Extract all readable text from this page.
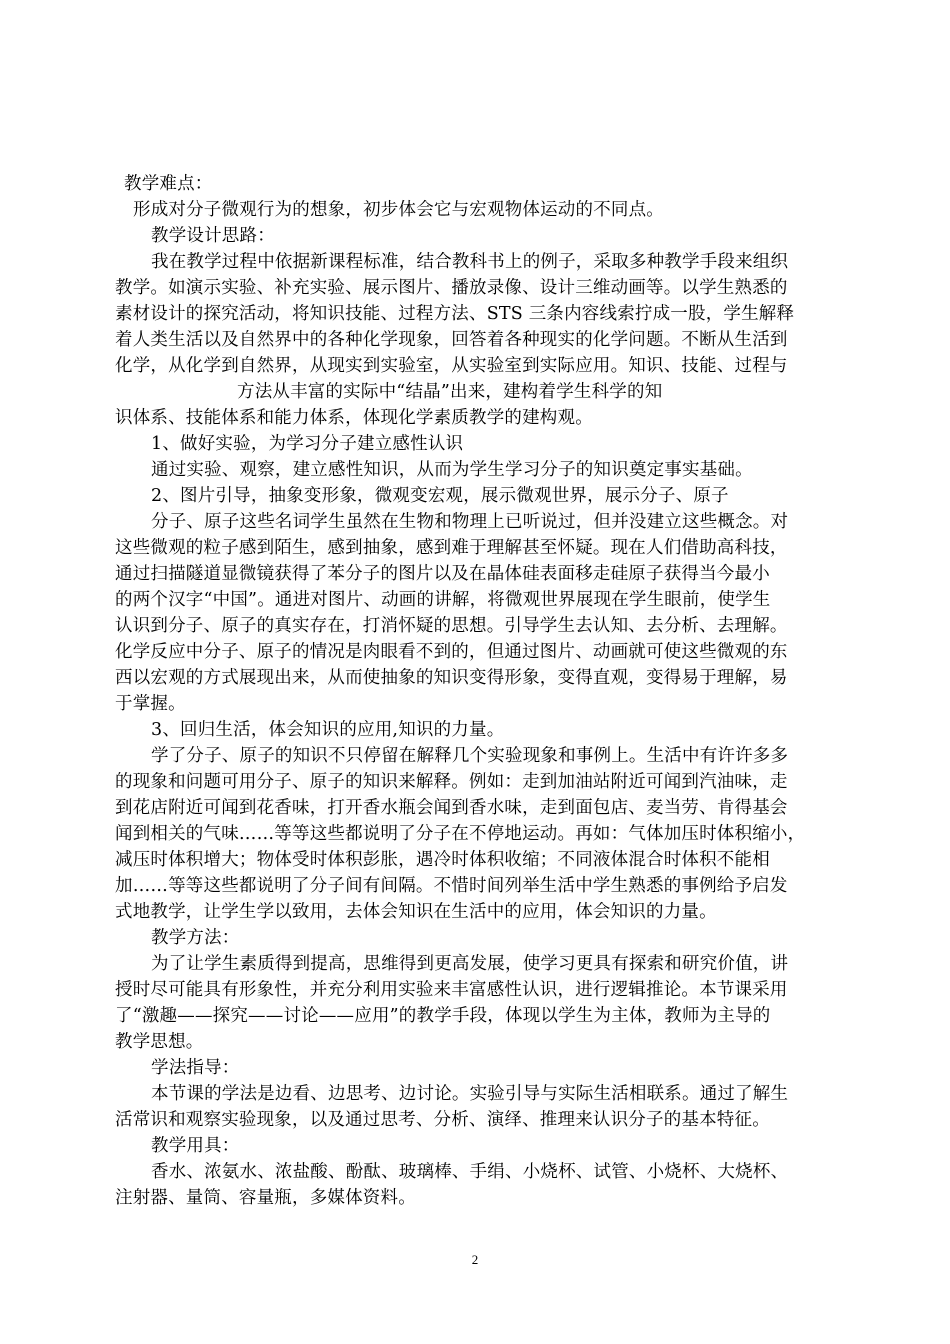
教学难点：
形成对分子微观行为的想象，初步体会它与宏观物体运动的不同点。
教学设计思路：
我在教学过程中依据新课程标准，结合教科书上的例子，采取多种教学手段来组织
教学。如演示实验、补充实验、展示图片、播放录像、设计三维动画等。以学生熟悉的
素材设计的探究活动，将知识技能、过程方法、STS 三条内容线索拧成一股，学生解释
着人类生活以及自然界中的各种化学现象，回答着各种现实的化学问题。不断从生活到
化学，从化学到自然界，从现实到实验室，从实验室到实际应用。知识、技能、过程与
方法从丰富的实际中“结晶”出来，建构着学生科学的知
识体系、技能体系和能力体系，体现化学素质教学的建构观。
1、做好实验，为学习分子建立感性认识
通过实验、观察，建立感性知识，从而为学生学习分子的知识奠定事实基础。
2、图片引导，抽象变形象，微观变宏观，展示微观世界，展示分子、原子
分子、原子这些名词学生虽然在生物和物理上已听说过，但并没建立这些概念。对
这些微观的粒子感到陌生，感到抽象，感到难于理解甚至怀疑。现在人们借助高科技，
通过扫描隧道显微镜获得了苯分子的图片以及在晶体硅表面移走硅原子获得当今最小
的两个汉字“中国”。通进对图片、动画的讲解，将微观世界展现在学生眼前，使学生
认识到分子、原子的真实存在，打消怀疑的思想。引导学生去认知、去分析、去理解。
化学反应中分子、原子的情况是肉眼看不到的，但通过图片、动画就可使这些微观的东
西以宏观的方式展现出来，从而使抽象的知识变得形象，变得直观，变得易于理解，易
于掌握。
3、回归生活，体会知识的应用,知识的力量。
学了分子、原子的知识不只停留在解释几个实验现象和事例上。生活中有许许多多
的现象和问题可用分子、原子的知识来解释。例如：走到加油站附近可闻到汽油味，走
到花店附近可闻到花香味，打开香水瓶会闻到香水味，走到面包店、麦当劳、肯得基会
闻到相关的气味……等等这些都说明了分子在不停地运动。再如：气体加压时体积缩小，
减压时体积增大；物体受时体积彭胀，遇冷时体积收缩；不同液体混合时体积不能相
加……等等这些都说明了分子间有间隔。不惜时间列举生活中学生熟悉的事例给予启发
式地教学，让学生学以致用，去体会知识在生活中的应用，体会知识的力量。
教学方法：
为了让学生素质得到提高，思维得到更高发展，使学习更具有探索和研究价值，讲
授时尽可能具有形象性，并充分利用实验来丰富感性认识，进行逻辑推论。本节课采用
了“激趣——探究——讨论——应用”的教学手段，体现以学生为主体，教师为主导的
教学思想。
学法指导：
本节课的学法是边看、边思考、边讨论。实验引导与实际生活相联系。通过了解生
活常识和观察实验现象，以及通过思考、分析、演绎、推理来认识分子的基本特征。
教学用具：
香水、浓氨水、浓盐酸、酚酞、玻璃棒、手绢、小烧杯、试管、小烧杯、大烧杯、
注射器、量筒、容量瓶，多媒体资料。
2
